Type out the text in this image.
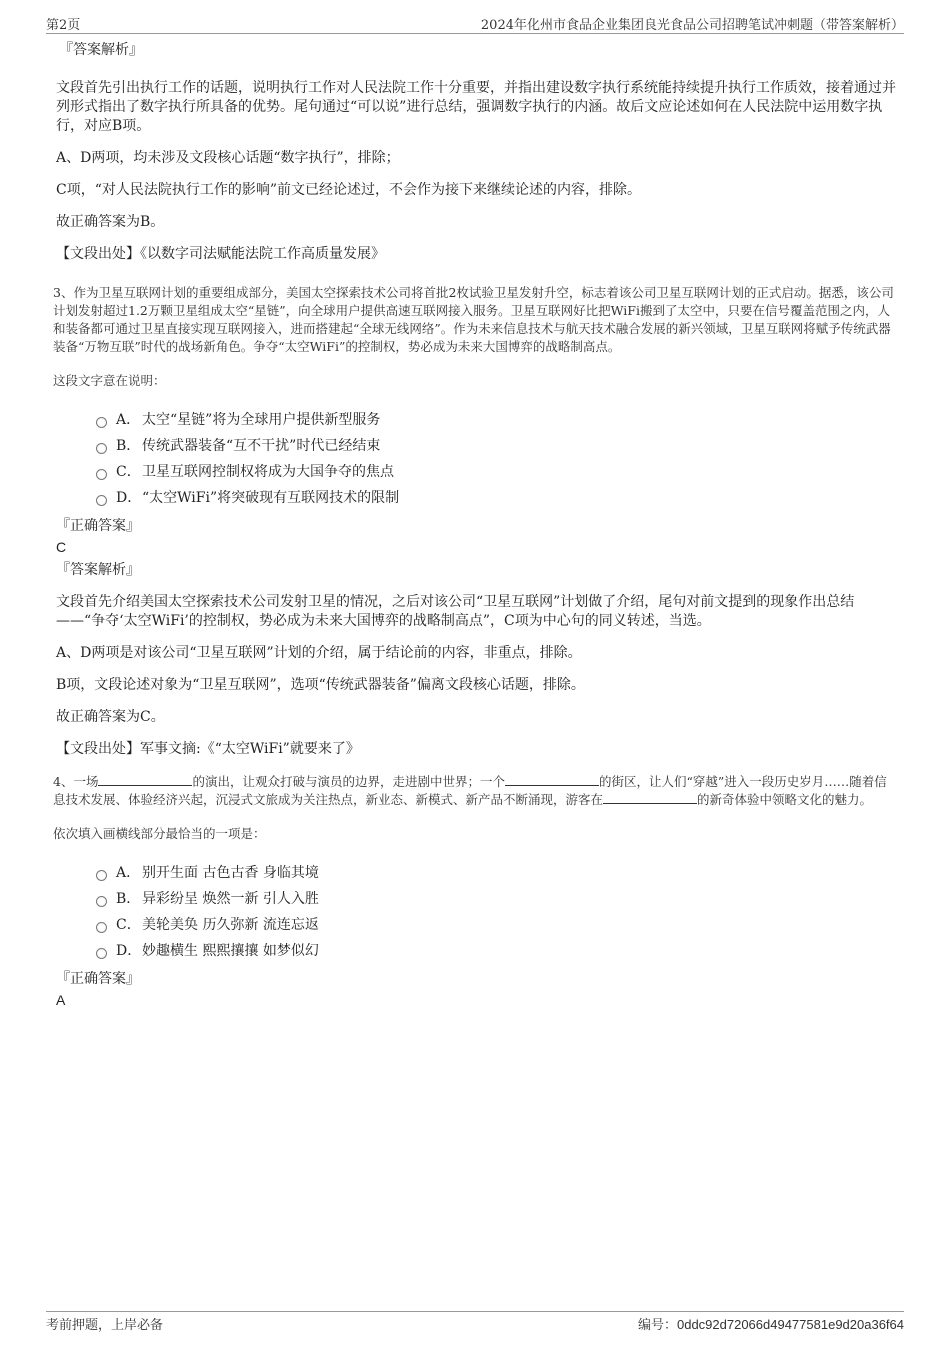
第2页	2024年化州市食品企业集团良光食品公司招聘笔试冲刺题（带答案解析）
『答案解析』
文段首先引出执行工作的话题，说明执行工作对人民法院工作十分重要，并指出建设数字执行系统能持续提升执行工作质效，接着通过并列形式指出了数字执行所具备的优势。尾句通过“可以说”进行总结，强调数字执行的内涵。故后文应论述如何在人民法院中运用数字执行，对应B项。
A、D两项，均未涉及文段核心话题“数字执行”，排除；
C项，“对人民法院执行工作的影响”前文已经论述过，不会作为接下来继续论述的内容，排除。
故正确答案为B。
【文段出处】《以数字司法赋能法院工作高质量发展》
3、作为卫星互联网计划的重要组成部分，美国太空探索技术公司将首批2枚试验卫星发射升空，标志着该公司卫星互联网计划的正式启动。据悉，该公司计划发射超过1.2万颗卫星组成太空“星链”，向全球用户提供高速互联网接入服务。卫星互联网好比把WiFi搬到了太空中，只要在信号覆盖范围之内，人和装备都可通过卫星直接实现互联网接入，进而搭建起“全球无线网络”。作为未来信息技术与航天技术融合发展的新兴领域，卫星互联网将赋予传统武器装备“万物互联”时代的战场新角色。争夺“太空WiFi”的控制权，势必成为未来大国博弈的战略制高点。
这段文字意在说明：
A． 太空“星链”将为全球用户提供新型服务
B． 传统武器装备“互不干扰”时代已经结束
C． 卫星互联网控制权将成为大国争夺的焦点
D． “太空WiFi”将突破现有互联网技术的限制
『正确答案』
C
『答案解析』
文段首先介绍美国太空探索技术公司发射卫星的情况，之后对该公司“卫星互联网”计划做了介绍，尾句对前文提到的现象作出总结——“争夺‘太空WiFi’的控制权，势必成为未来大国博弈的战略制高点”，C项为中心句的同义转述，当选。
A、D两项是对该公司“卫星互联网”计划的介绍，属于结论前的内容，非重点，排除。
B项，文段论述对象为“卫星互联网”，选项“传统武器装备”偏离文段核心话题，排除。
故正确答案为C。
【文段出处】军事文摘:《“太空WiFi”就要来了》
4、一场	的演出，让观众打破与演员的边界，走进剧中世界；一个	的街区，让人们“穿越”进入一段历史岁月……随着信息技术发展、体验经济兴起，沉浸式文旅成为关注热点，新业态、新模式、新产品不断涌现，游客在	的新奇体验中领略文化的魅力。
依次填入画横线部分最恰当的一项是：
A． 别开生面 古色古香 身临其境
B． 异彩纷呈 焕然一新 引人入胜
C． 美轮美奂 历久弥新 流连忘返
D． 妙趣横生 熙熙攘攘 如梦似幻
『正确答案』
A
考前押题，上岸必备	编号：0ddc92d72066d49477581e9d20a36f64
